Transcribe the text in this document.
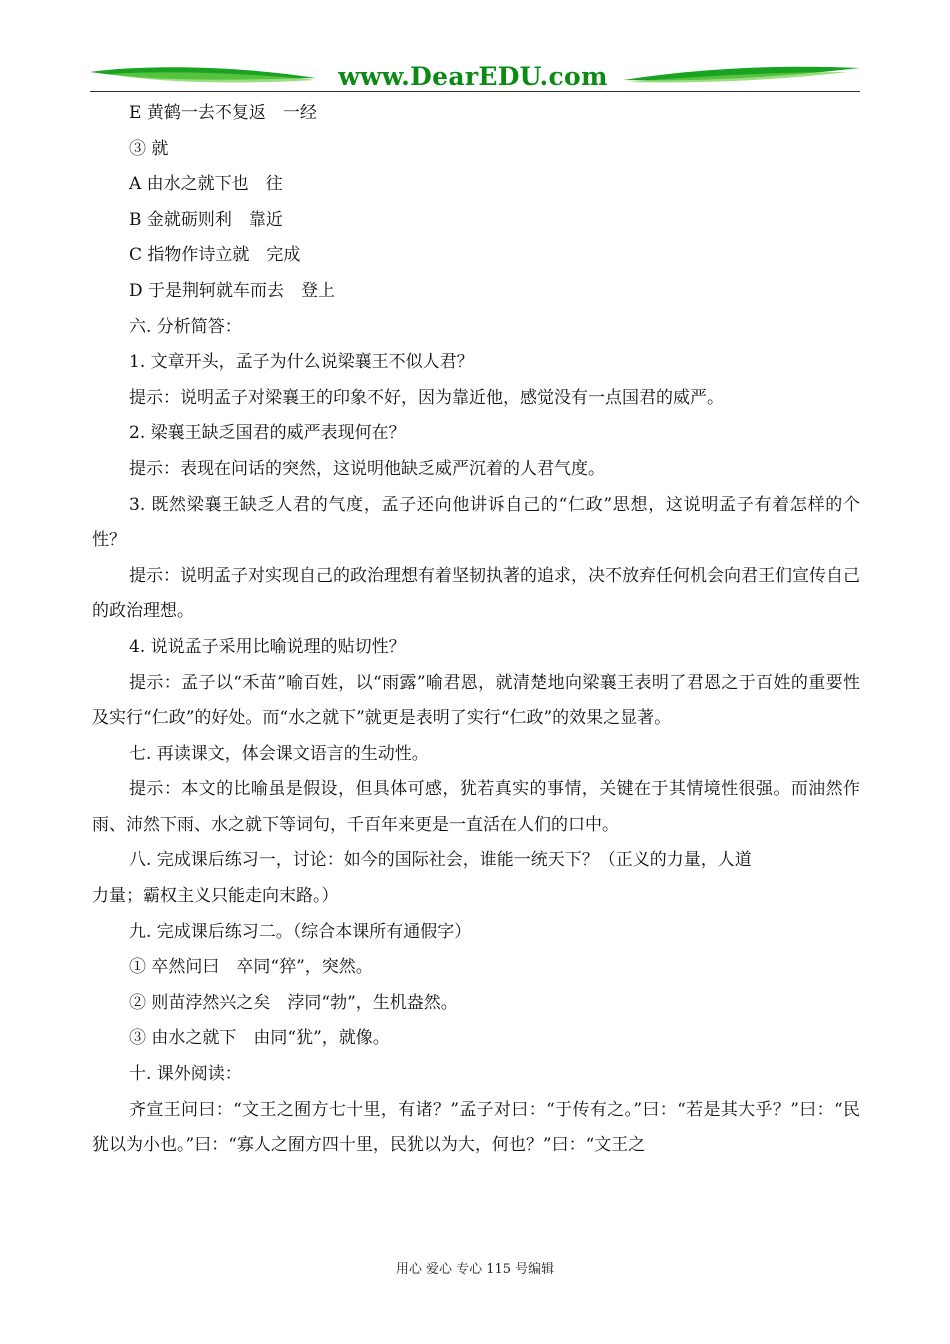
www.DearEDU.com
E 黄鹤一去不复返　一经
③ 就
A 由水之就下也　往
B 金就砺则利　靠近
C 指物作诗立就　完成
D 于是荆轲就车而去　登上
六. 分析简答：
1. 文章开头，孟子为什么说梁襄王不似人君？
提示：说明孟子对梁襄王的印象不好，因为靠近他，感觉没有一点国君的威严。
2. 梁襄王缺乏国君的威严表现何在？
提示：表现在问话的突然，这说明他缺乏威严沉着的人君气度。
3. 既然梁襄王缺乏人君的气度，孟子还向他讲诉自己的“仁政”思想，这说明孟子有着怎样的个性？
提示：说明孟子对实现自己的政治理想有着坚韧执著的追求，决不放弃任何机会向君王们宣传自己的政治理想。
4. 说说孟子采用比喻说理的贴切性？
提示：孟子以“禾苗”喻百姓，以“雨露”喻君恩，就清楚地向梁襄王表明了君恩之于百姓的重要性及实行“仁政”的好处。而“水之就下”就更是表明了实行“仁政”的效果之显著。
七. 再读课文，体会课文语言的生动性。
提示：本文的比喻虽是假设，但具体可感，犹若真实的事情，关键在于其情境性很强。而油然作雨、沛然下雨、水之就下等词句，千百年来更是一直活在人们的口中。
八. 完成课后练习一，讨论：如今的国际社会，谁能一统天下？（正义的力量，人道
力量；霸权主义只能走向末路。）
九. 完成课后练习二。（综合本课所有通假字）
① 卒然问曰　卒同“猝”，突然。
② 则苗浡然兴之矣　浡同“勃”，生机盎然。
③ 由水之就下　由同“犹”，就像。
十. 课外阅读：
齐宣王问曰：“文王之囿方七十里，有诸？”孟子对曰：“于传有之。”曰：“若是其大乎？”曰：“民犹以为小也。”曰：“寡人之囿方四十里，民犹以为大，何也？”曰：“文王之
用心 爱心 专心 115 号编辑
